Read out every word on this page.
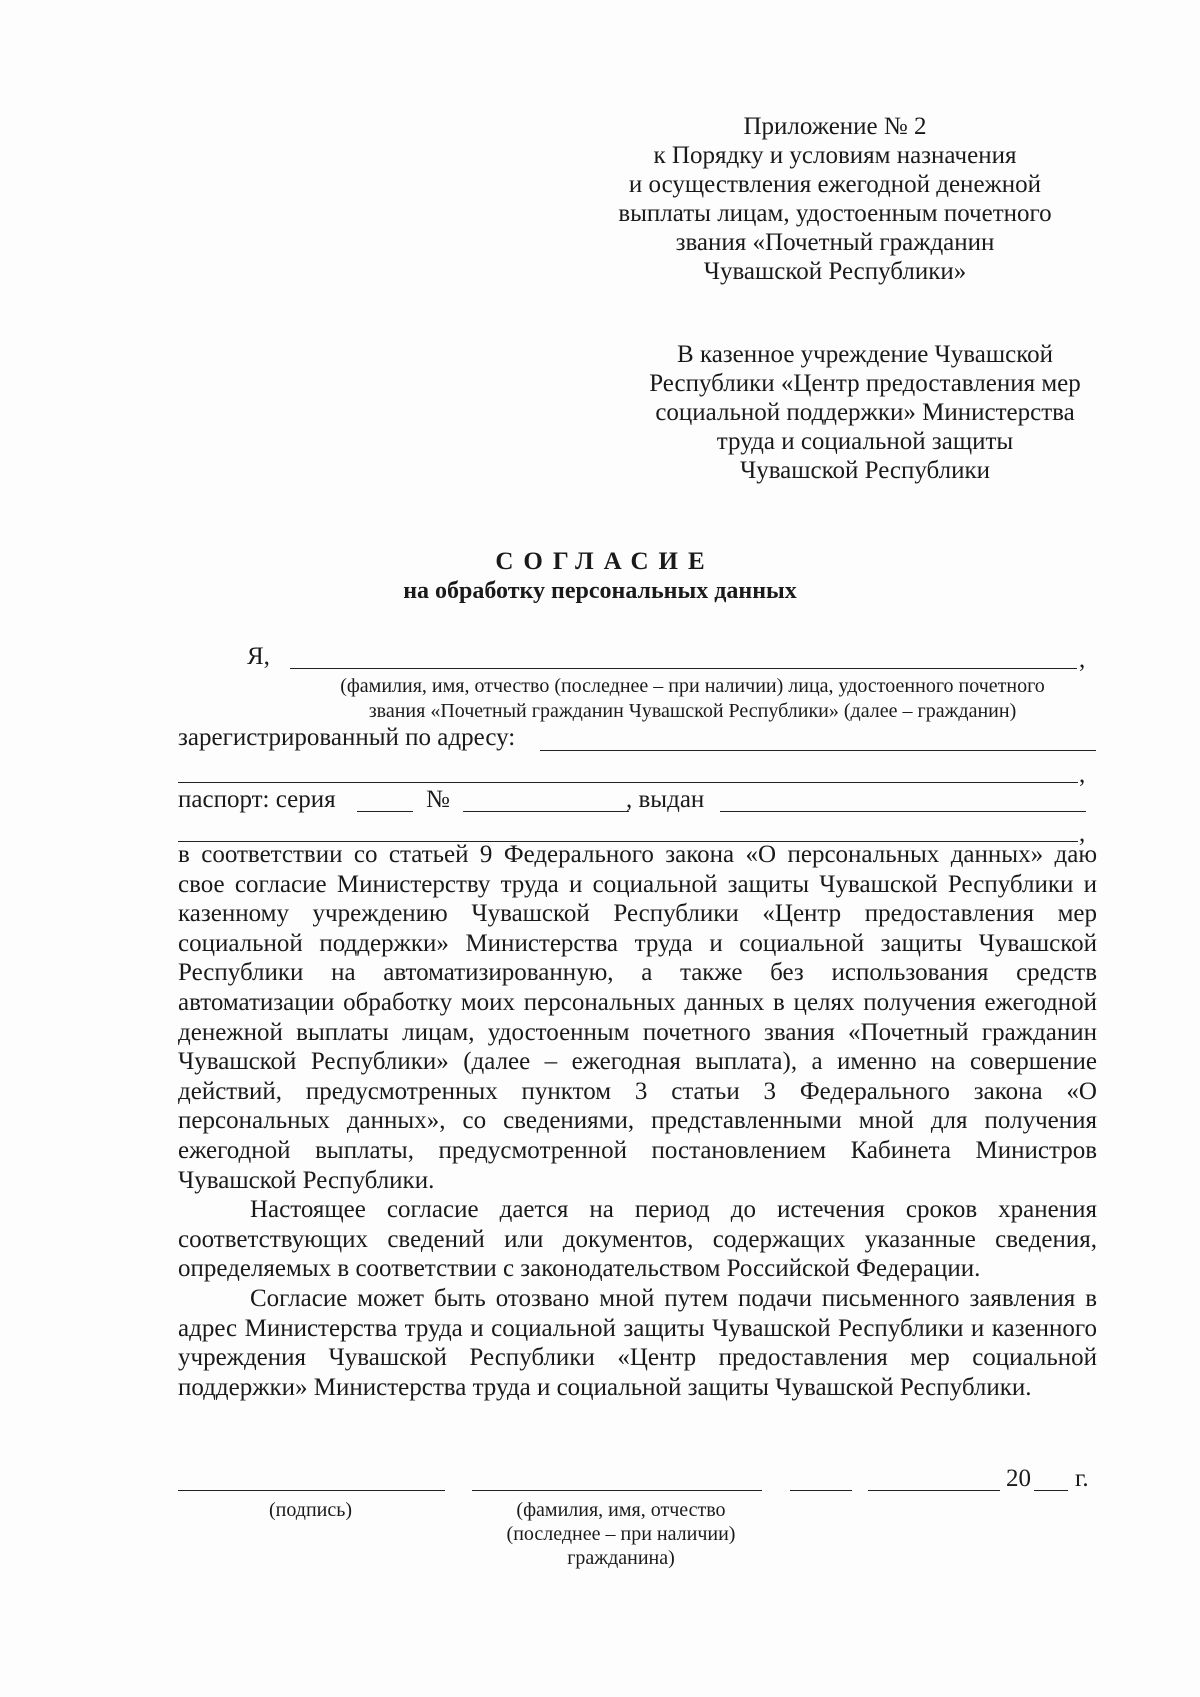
Приложение № 2
к Порядку и условиям назначения
и осуществления ежегодной денежной
выплаты лицам, удостоенным почетного
звания «Почетный гражданин
Чувашской Республики»
В казенное учреждение Чувашской
Республики «Центр предоставления мер
социальной поддержки» Министерства
труда и социальной защиты
Чувашской Республики
СОГЛАСИЕ
на обработку персональных данных
Я,	,
(фамилия, имя, отчество (последнее – при наличии) лица, удостоенного почетного
звания «Почетный гражданин Чувашской Республики» (далее – гражданин)
зарегистрированный по адресу:
,
паспорт: серия	№	, выдан
,

в соответствии со статьей 9 Федерального закона «О персональных данных» даю свое согласие Министерству труда и социальной защиты Чувашской Республики и казенному учреждению Чувашской Республики «Центр предоставления мер социальной поддержки» Министерства труда и социальной защиты Чувашской Республики на автоматизированную, а также без использования средств автоматизации обработку моих персональных данных в целях получения ежегодной денежной выплаты лицам, удостоенным почетного звания «Почетный гражданин Чувашской Республики» (далее – ежегодная выплата), а именно на совершение действий, предусмотренных пунктом 3 статьи 3 Федерального закона «О персональных данных», со сведениями, представленными мной для получения ежегодной выплаты, предусмотренной постановлением Кабинета Министров Чувашской Республики.

Настоящее согласие дается на период до истечения сроков хранения соответствующих сведений или документов, содержащих указанные сведения, определяемых в соответствии с законодательством Российской Федерации.

Согласие может быть отозвано мной путем подачи письменного заявления в адрес Министерства труда и социальной защиты Чувашской Республики и казенного учреждения Чувашской Республики «Центр предоставления мер социальной поддержки» Министерства труда и социальной защиты Чувашской Республики.

20 г.
(подпись)	(фамилия, имя, отчество (последнее – при наличии) гражданина)
